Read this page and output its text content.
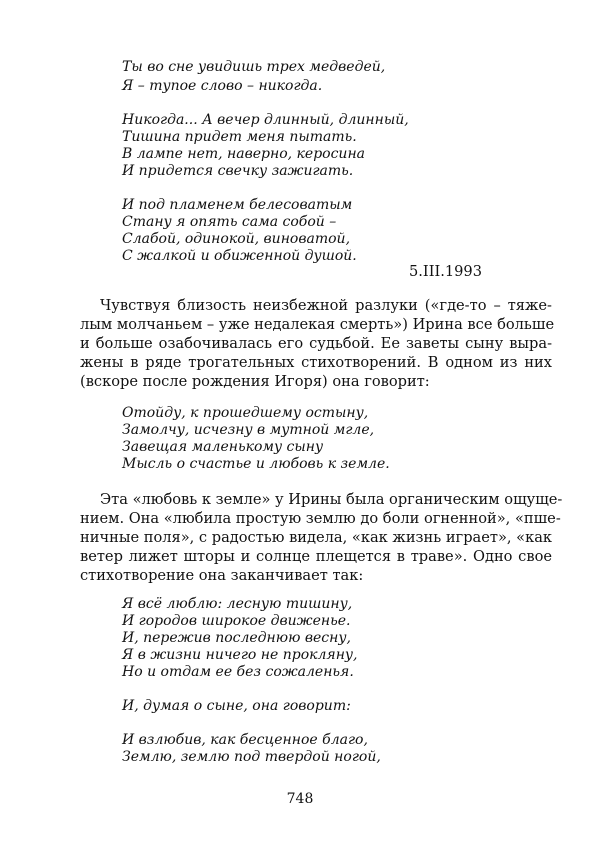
Ты во сне увидишь трех медведей,
Я – тупое слово – никогда.
Никогда... А вечер длинный, длинный,
Тишина придет меня пытать.
В лампе нет, наверно, керосина
И придется свечку зажигать.
И под пламенем белесоватым
Стану я опять сама собой –
Слабой, одинокой, виноватой,
С жалкой и обиженной душой.
5.III.1993
Чувствуя близость неизбежной разлуки («где-то – тяже-
лым молчаньем – уже недалекая смерть») Ирина все больше
и больше озабочивалась его судьбой. Ее заветы сыну выра-
жены в ряде трогательных стихотворений. В одном из них
(вскоре после рождения Игоря) она говорит:
Отойду, к прошедшему остыну,
Замолчу, исчезну в мутной мгле,
Завещая маленькому сыну
Мысль о счастье и любовь к земле.
Эта «любовь к земле» у Ирины была органическим ощуще-
нием. Она «любила простую землю до боли огненной», «пше-
ничные поля», с радостью видела, «как жизнь играет», «как
ветер лижет шторы и солнце плещется в траве». Одно свое
стихотворение она заканчивает так:
Я всё люблю: лесную тишину,
И городов широкое движенье.
И, пережив последнюю весну,
Я в жизни ничего не прокляну,
Но и отдам ее без сожаленья.
И, думая о сыне, она говорит:
И взлюбив, как бесценное благо,
Землю, землю под твердой ногой,
748
